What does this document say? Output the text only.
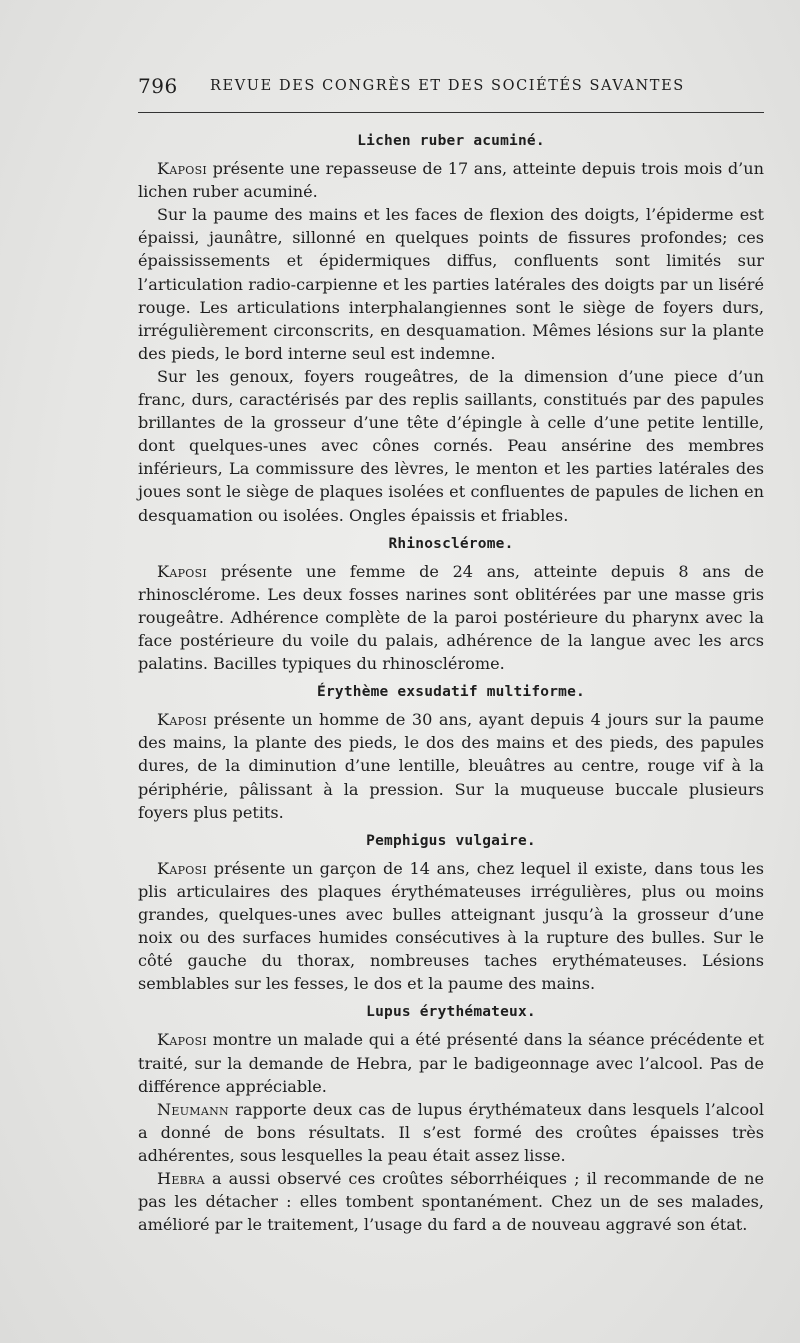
796 REVUE DES CONGRÈS ET DES SOCIÉTÉS SAVANTES
Lichen ruber acuminé.

Kaposi présente une repasseuse de 17 ans, atteinte depuis trois mois d’un lichen ruber acuminé.

Sur la paume des mains et les faces de flexion des doigts, l’épiderme est épaissi, jaunâtre, sillonné en quelques points de fissures profondes; ces épaississements et épidermiques diffus, confluents sont limités sur l’articulation radio-carpienne et les parties latérales des doigts par un liséré rouge. Les articulations interphalangiennes sont le siège de foyers durs, irrégulièrement circonscrits, en desquamation. Mêmes lésions sur la plante des pieds, le bord interne seul est indemne.

Sur les genoux, foyers rougeâtres, de la dimension d’une piece d’un franc, durs, caractérisés par des replis saillants, constitués par des papules brillantes de la grosseur d’une tête d’épingle à celle d’une petite lentille, dont quelques-unes avec cônes cornés. Peau ansérine des membres inférieurs, La commissure des lèvres, le menton et les parties latérales des joues sont le siège de plaques isolées et confluentes de papules de lichen en desquamation ou isolées. Ongles épaissis et friables.

Rhinosclérome.

Kaposi présente une femme de 24 ans, atteinte depuis 8 ans de rhinosclérome. Les deux fosses narines sont oblitérées par une masse gris rougeâtre. Adhérence complète de la paroi postérieure du pharynx avec la face postérieure du voile du palais, adhérence de la langue avec les arcs palatins. Bacilles typiques du rhinosclérome.

Érythème exsudatif multiforme.

Kaposi présente un homme de 30 ans, ayant depuis 4 jours sur la paume des mains, la plante des pieds, le dos des mains et des pieds, des papules dures, de la diminution d’une lentille, bleuâtres au centre, rouge vif à la périphérie, pâlissant à la pression. Sur la muqueuse buccale plusieurs foyers plus petits.

Pemphigus vulgaire.

Kaposi présente un garçon de 14 ans, chez lequel il existe, dans tous les plis articulaires des plaques érythémateuses irrégulières, plus ou moins grandes, quelques-unes avec bulles atteignant jusqu’à la grosseur d’une noix ou des surfaces humides consécutives à la rupture des bulles. Sur le côté gauche du thorax, nombreuses taches erythémateuses. Lésions semblables sur les fesses, le dos et la paume des mains.

Lupus érythémateux.

Kaposi montre un malade qui a été présenté dans la séance précédente et traité, sur la demande de Hebra, par le badigeonnage avec l’alcool. Pas de différence appréciable.

Neumann rapporte deux cas de lupus érythémateux dans lesquels l’alcool a donné de bons résultats. Il s’est formé des croûtes épaisses très adhérentes, sous lesquelles la peau était assez lisse.

Hebra a aussi observé ces croûtes séborrhéiques ; il recommande de ne pas les détacher : elles tombent spontanément. Chez un de ses malades, amélioré par le traitement, l’usage du fard a de nouveau aggravé son état.
